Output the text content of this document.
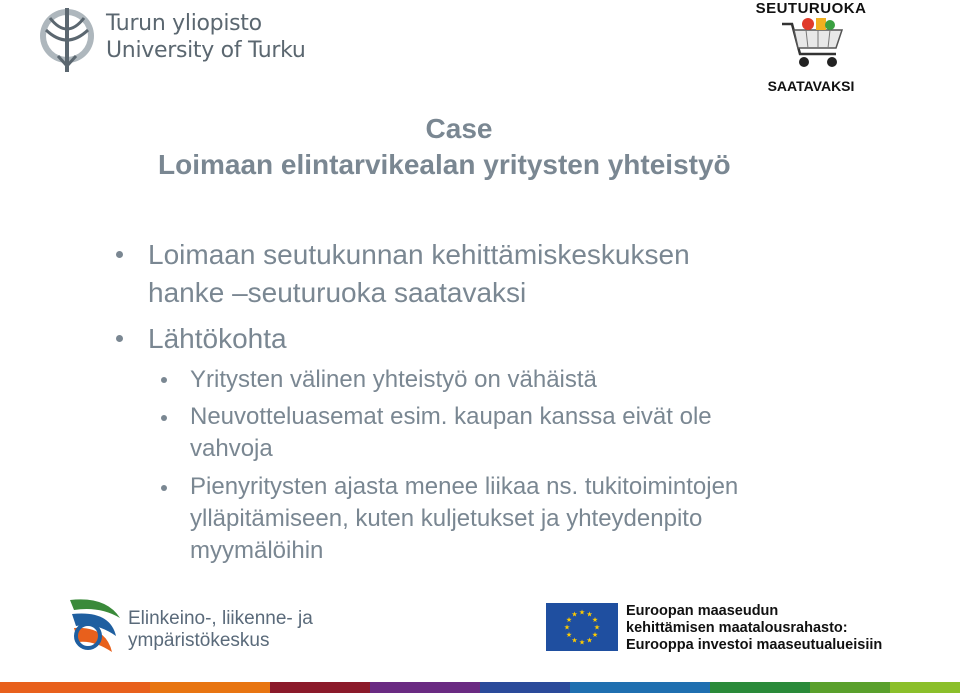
Turun yliopisto
University of Turku
SEUTURUOKA
SAATAVAKSI
Case
Loimaan elintarvikealan yritysten yhteistyö
Loimaan seutukunnan kehittämiskeskuksen
hanke –seuturuoka saatavaksi
Lähtökohta
Yritysten välinen yhteistyö on vähäistä
Neuvotteluasemat esim. kaupan kanssa eivät ole
vahvoja
Pienyritysten ajasta menee liikaa ns. tukitoimintojen
ylläpitämiseen, kuten kuljetukset ja yhteydenpito
myymälöihin
Elinkeino-, liikenne- ja
ympäristökeskus
★
★
★
★
★
★
★
★
★ ★ ★
★
Euroopan maaseudun
kehittämisen maatalousrahasto:
Eurooppa investoi maaseutualueisiin
